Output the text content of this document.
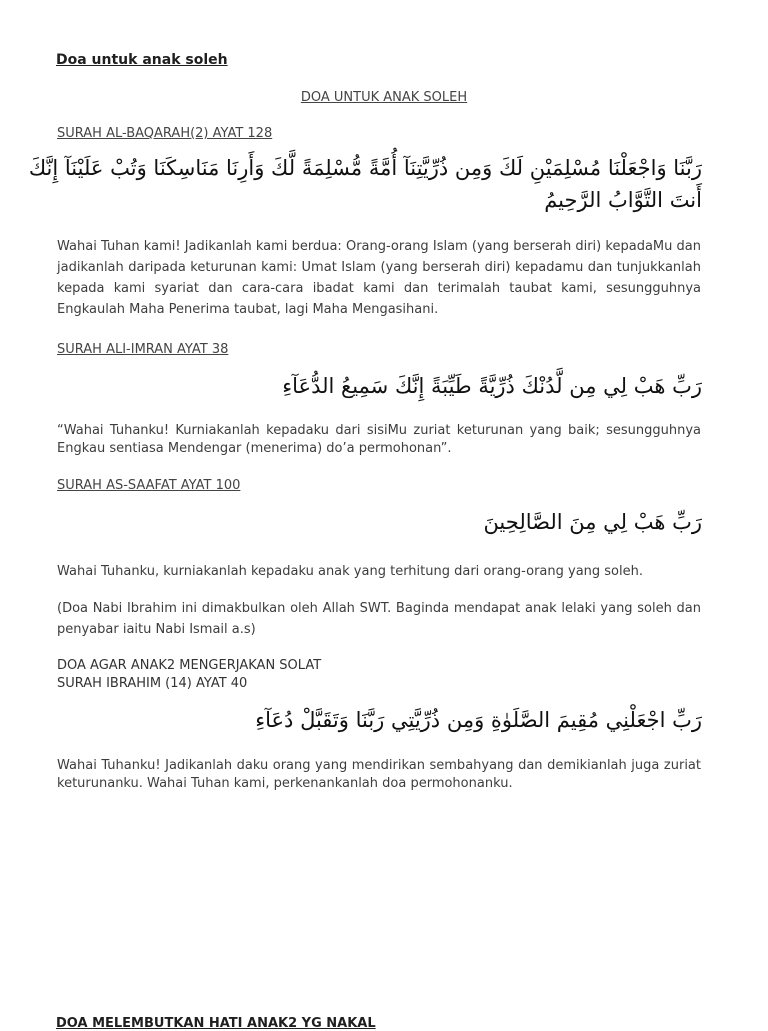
Doa untuk anak soleh
DOA UNTUK ANAK SOLEH
SURAH AL-BAQARAH(2) AYAT 128
رَبَّنَا وَاجْعَلْنَا مُسْلِمَيْنِ لَكَ وَمِن ذُرِّيَّتِنَآ أُمَّةً مُّسْلِمَةً لَّكَ وَأَرِنَا مَنَاسِكَنَا وَتُبْ عَلَيْنَآ إِنَّكَ
أَنتَ التَّوَّابُ الرَّحِيمُ
Wahai Tuhan kami! Jadikanlah kami berdua: Orang-orang Islam (yang berserah diri) kepadaMu dan jadikanlah daripada keturunan kami: Umat Islam (yang berserah diri) kepadamu dan tunjukkanlah kepada kami syariat dan cara-cara ibadat kami dan terimalah taubat kami, sesungguhnya Engkaulah Maha Penerima taubat, lagi Maha Mengasihani.
SURAH ALI-IMRAN AYAT 38
رَبِّ هَبْ لِي مِن لَّدُنْكَ ذُرِّيَّةً طَيِّبَةً إِنَّكَ سَمِيعُ الدُّعَآءِ
“Wahai Tuhanku! Kurniakanlah kepadaku dari sisiMu zuriat keturunan yang baik; sesungguhnya Engkau sentiasa Mendengar (menerima) do’a permohonan”.
SURAH AS-SAAFAT AYAT 100
رَبِّ هَبْ لِي مِنَ الصَّالِحِينَ
Wahai Tuhanku, kurniakanlah kepadaku anak yang terhitung dari orang-orang yang soleh.
(Doa Nabi Ibrahim ini dimakbulkan oleh Allah SWT. Baginda mendapat anak lelaki yang soleh dan penyabar iaitu Nabi Ismail a.s)
DOA AGAR ANAK2 MENGERJAKAN SOLAT
SURAH IBRAHIM (14) AYAT 40
رَبِّ اجْعَلْنِي مُقِيمَ الصَّلَوٰةِ وَمِن ذُرِّيَّتِي رَبَّنَا وَتَقَبَّلْ دُعَآءِ
Wahai Tuhanku! Jadikanlah daku orang yang mendirikan sembahyang dan demikianlah juga zuriat keturunanku. Wahai Tuhan kami, perkenankanlah doa permohonanku.
DOA MELEMBUTKAN HATI ANAK2 YG NAKAL
